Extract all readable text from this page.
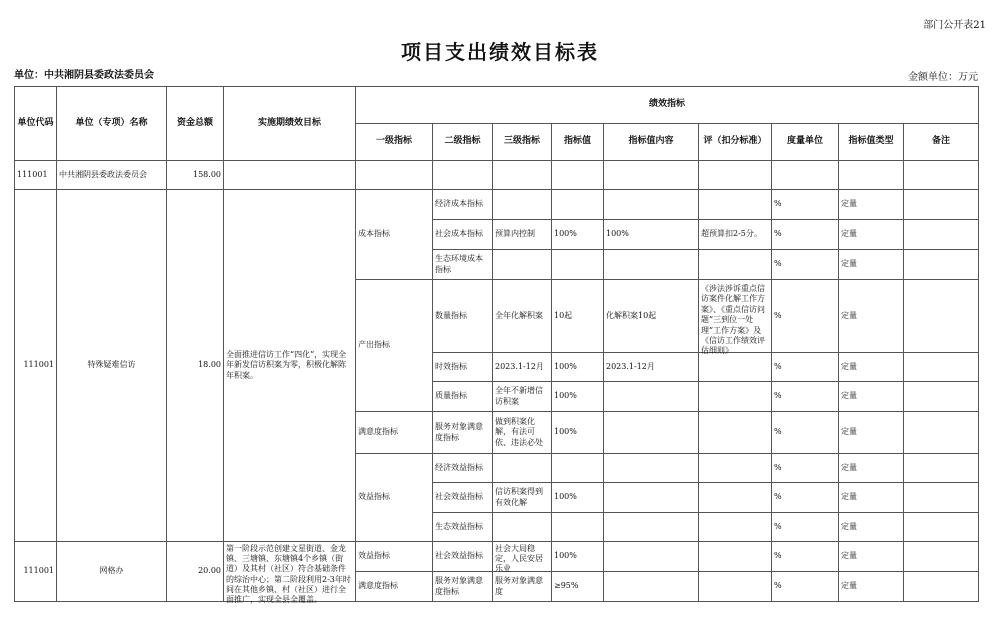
部门公开表21
项目支出绩效目标表
单位：中共湘阴县委政法委员会	金额单位：万元
单位代码	单位（专项）名称	资金总额	实施期绩效目标	绩效指标								
				一级指标	二级指标	三级指标	指标值	指标值内容	评（扣分标准）	度量单位	指标值类型	备注
111001	中共湘阴县委政法委员会	158.00										
111001	特殊疑难信访	18.00	全面推进信访工作“四化”，实现全年新发信访积案为零，积极化解陈年积案。	成本指标	经济成本指标					%	定量	
					社会成本指标	预算内控制	100%	100%	超预算扣2-5分。	%	定量	
					生态环境成本指标					%	定量	
				产出指标	数量指标	全年化解积案	10起	化解积案10起	《涉法涉诉重点信访案件化解工作方案》、《重点信访问题“三到位一处理”工作方案》及《信访工作绩效评估细则》	%	定量	
					时效指标	2023.1-12月	100%	2023.1-12月		%	定量	
					质量指标	全年不新增信访积案	100%			%	定量	
				满意度指标	服务对象满意度指标	做到积案化解，有法可依、违法必处	100%			%	定量	
				效益指标	经济效益指标					%	定量	
					社会效益指标	信访积案得到有效化解	100%			%	定量	
					生态效益指标					%	定量	
111001	网格办	20.00	第一阶段示范创建文星街道、金龙镇、三塘镇、东塘镇4个乡镇（街道）及其村（社区）符合基础条件的综治中心；第二阶段利用2-3年时间在其他乡镇、村（社区）进行全面推广，实现全县全覆盖。	效益指标	社会效益指标	社会大局稳定，人民安居乐业	100%			%	定量	
				满意度指标	服务对象满意度指标	服务对象满意度	≥95%			%	定量	
